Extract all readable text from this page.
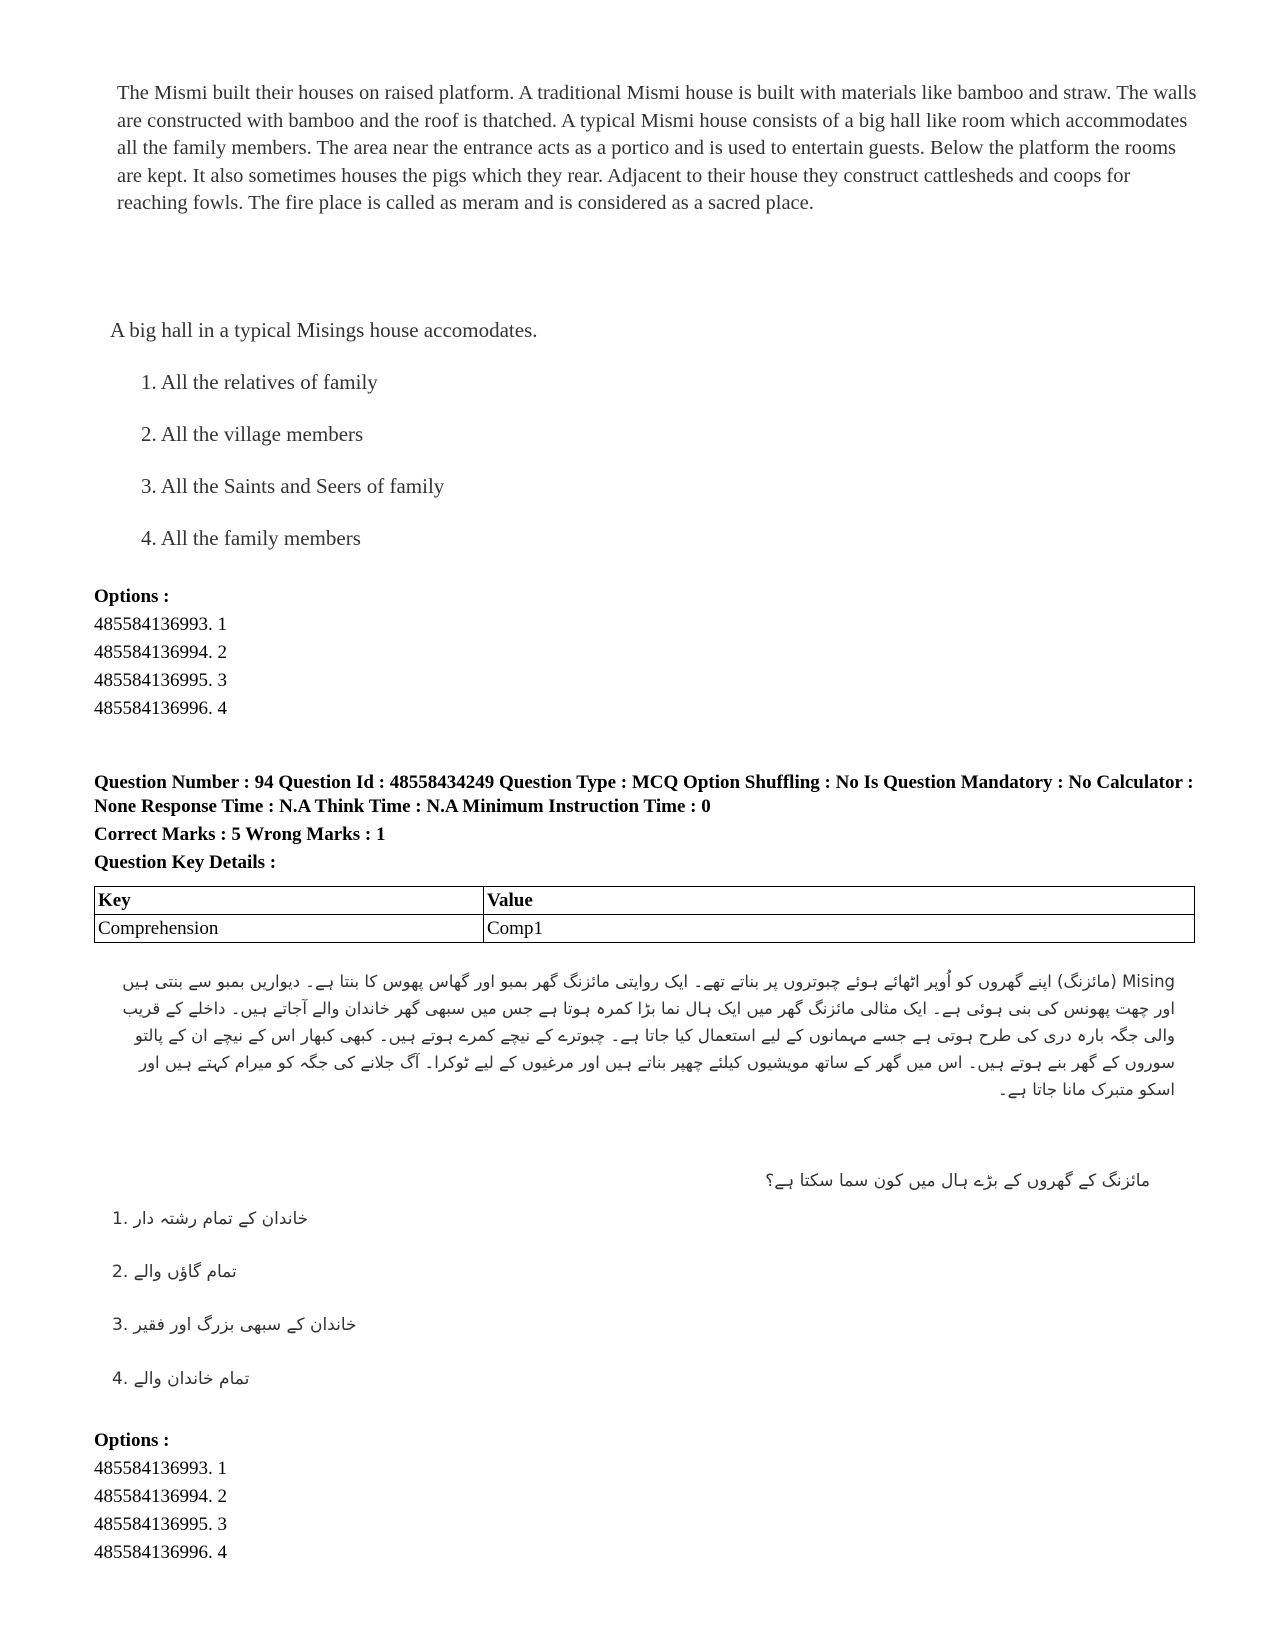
The Mismi built their houses on raised platform. A traditional Mismi house is built with materials like bamboo and straw. The walls are constructed with bamboo and the roof is thatched. A typical Mismi house consists of a big hall like room which accommodates all the family members. The area near the entrance acts as a portico and is used to entertain guests. Below the platform the rooms are kept. It also sometimes houses the pigs which they rear. Adjacent to their house they construct cattlesheds and coops for reaching fowls. The fire place is called as meram and is considered as a sacred place.
A big hall in a typical Misings house accomodates.
1. All the relatives of family
2. All the village members
3. All the Saints and Seers of family
4. All the family members
Options :
485584136993. 1
485584136994. 2
485584136995. 3
485584136996. 4
Question Number : 94 Question Id : 48558434249 Question Type : MCQ Option Shuffling : No Is Question Mandatory : No Calculator : None Response Time : N.A Think Time : N.A Minimum Instruction Time : 0
Correct Marks : 5 Wrong Marks : 1
Question Key Details :
Key	Value
Comprehension	Comp1
Mising (مائزنگ) اپنے گھروں کو اُوپر اٹھائے ہوئے چبوتروں پر بناتے تھے۔ ایک روایتی مائزنگ گھر بمبو اور گھاس پھوس کا بنتا ہے۔ دیواریں بمبو سے بنتی ہیں اور چھت پھونس کی بنی ہوئی ہے۔ ایک مثالی مائزنگ گھر میں ایک ہال نما بڑا کمرہ ہوتا ہے جس میں سبھی گھر خاندان والے آجاتے ہیں۔ داخلے کے قریب والی جگہ بارہ دری کی طرح ہوتی ہے جسے مہمانوں کے لیے استعمال کیا جاتا ہے۔ چبوترے کے نیچے کمرے ہوتے ہیں۔ کبھی کبھار اس کے نیچے ان کے پالتو سوروں کے گھر بنے ہوتے ہیں۔ اس میں گھر کے ساتھ مویشیوں کیلئے چھپر بناتے ہیں اور مرغیوں کے لیے ٹوکرا۔ آگ جلانے کی جگہ کو میرام کہتے ہیں اور اسکو متبرک مانا جاتا ہے۔
مائزنگ کے گھروں کے بڑے ہال میں کون سما سکتا ہے؟
1. خاندان کے تمام رشتہ دار
2. تمام گاؤں والے
3. خاندان کے سبھی بزرگ اور فقیر
4. تمام خاندان والے
Options :
485584136993. 1
485584136994. 2
485584136995. 3
485584136996. 4
